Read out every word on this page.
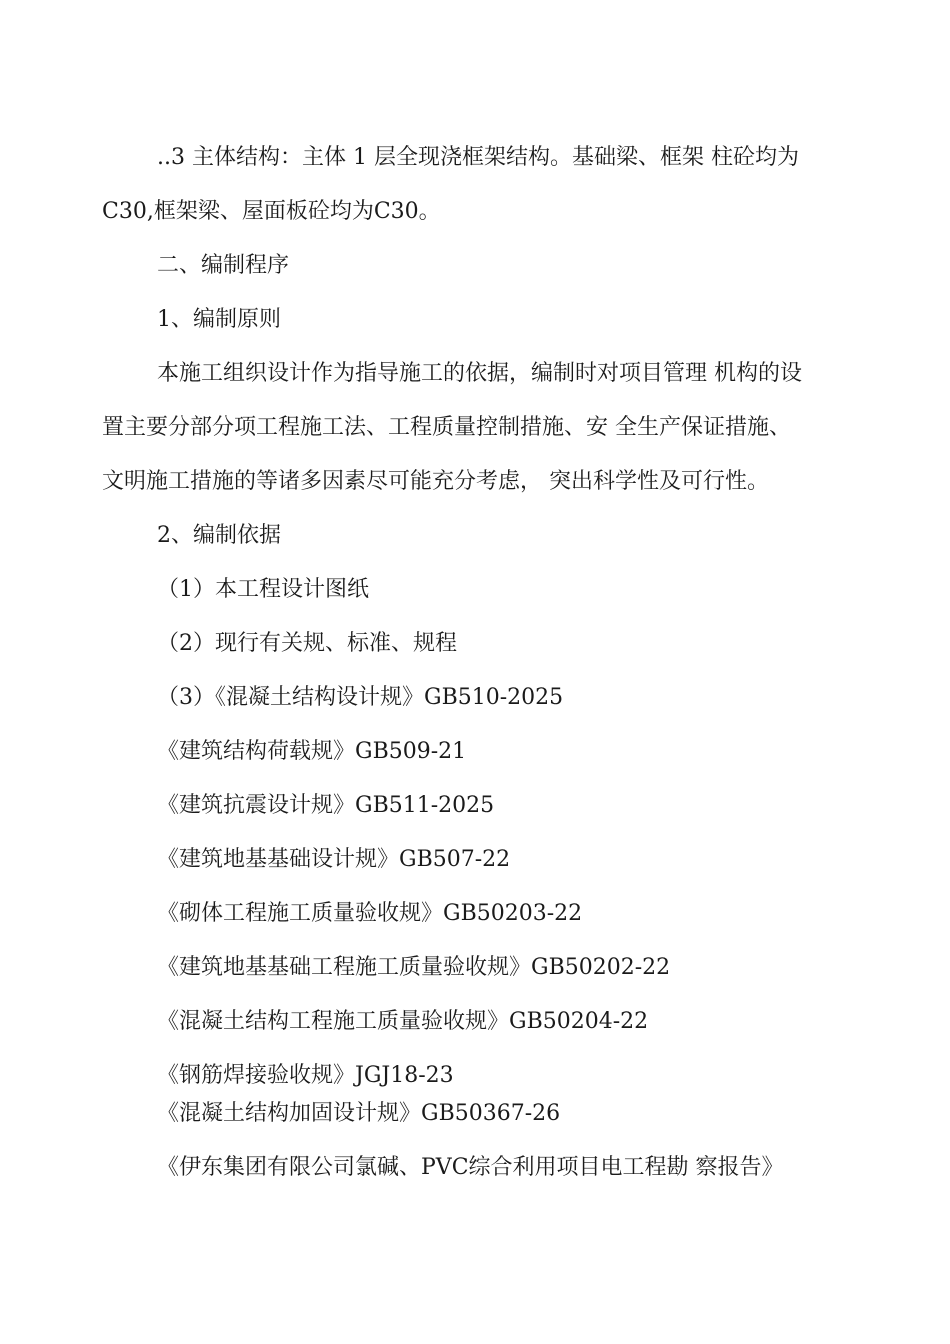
..3 主体结构：主体 1 层全现浇框架结构。基础梁、框架 柱砼均为

C30,框架梁、屋面板砼均为C30。

二、编制程序

1、编制原则

本施工组织设计作为指导施工的依据，编制时对项目管理 机构的设

置主要分部分项工程施工法、工程质量控制措施、安 全生产保证措施、

文明施工措施的等诸多因素尽可能充分考虑， 突出科学性及可行性。

2、编制依据

（1）本工程设计图纸

（2）现行有关规、标准、规程

（3）《混凝土结构设计规》GB510-2025

《建筑结构荷载规》GB509-21

《建筑抗震设计规》GB511-2025

《建筑地基基础设计规》GB507-22

《砌体工程施工质量验收规》GB50203-22

《建筑地基基础工程施工质量验收规》GB50202-22

《混凝土结构工程施工质量验收规》GB50204-22

《钢筋焊接验收规》JGJ18-23

《混凝土结构加固设计规》GB50367-26

《伊东集团有限公司氯碱、PVC综合利用项目电工程勘 察报告》
